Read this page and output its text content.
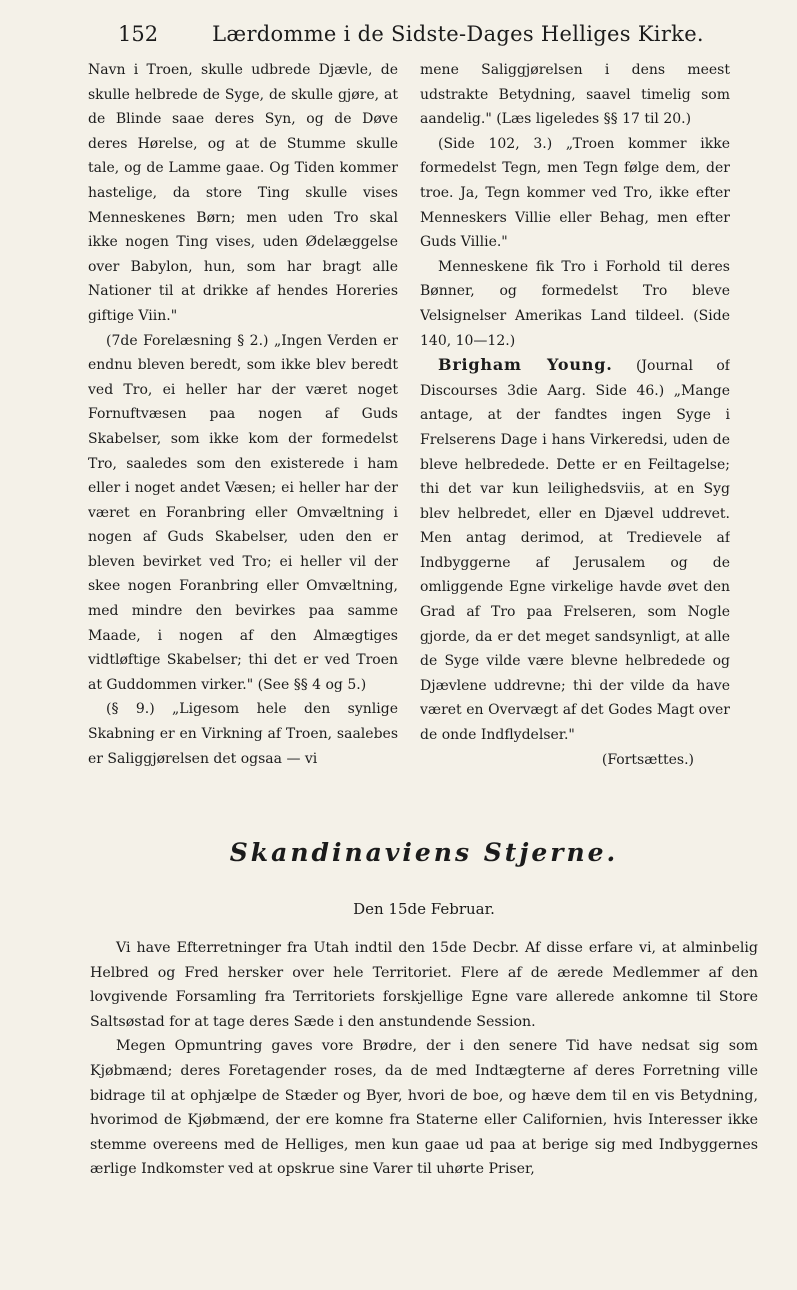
152	Lærdomme i de Sidste-Dages Helliges Kirke.

Navn i Troen, skulle udbrede Djævle, de skulle helbrede de Syge, de skulle gjøre, at de Blinde saae deres Syn, og de Døve deres Hørelse, og at de Stumme skulle tale, og de Lamme gaae. Og Tiden kommer hastelige, da store Ting skulle vises Menneskenes Børn; men uden Tro skal ikke nogen Ting vises, uden Ødelæggelse over Babylon, hun, som har bragt alle Nationer til at drikke af hendes Horeries giftige Viin."

(7de Forelæsning § 2.) „Ingen Verden er endnu bleven beredt, som ikke blev beredt ved Tro, ei heller har der været noget Fornuftvæsen paa nogen af Guds Skabelser, som ikke kom der formedelst Tro, saaledes som den existerede i ham eller i noget andet Væsen; ei heller har der været en Foranbring eller Omvæltning i nogen af Guds Skabelser, uden den er bleven bevirket ved Tro; ei heller vil der skee nogen Foranbring eller Omvæltning, med mindre den bevirkes paa samme Maade, i nogen af den Almægtiges vidtløftige Skabelser; thi det er ved Troen at Guddommen virker." (See §§ 4 og 5.)

(§ 9.) „Ligesom hele den synlige Skabning er en Virkning af Troen, saalebes er Saliggjørelsen det ogsaa — vi

mene Saliggjørelsen i dens meest udstrakte Betydning, saavel timelig som aandelig." (Læs ligeledes §§ 17 til 20.)

(Side 102, 3.) „Troen kommer ikke formedelst Tegn, men Tegn følge dem, der troe. Ja, Tegn kommer ved Tro, ikke efter Menneskers Villie eller Behag, men efter Guds Villie."

Menneskene fik Tro i Forhold til deres Bønner, og formedelst Tro bleve Velsignelser Amerikas Land tildeel. (Side 140, 10—12.)

Brigham Young. (Journal of Discourses 3die Aarg. Side 46.) „Mange antage, at der fandtes ingen Syge i Frelserens Dage i hans Virkeredsi, uden de bleve helbredede. Dette er en Feiltagelse; thi det var kun leilighedsviis, at en Syg blev helbredet, eller en Djævel uddrevet. Men antag derimod, at Tredievele af Indbyggerne af Jerusalem og de omliggende Egne virkelige havde øvet den Grad af Tro paa Frelseren, som Nogle gjorde, da er det meget sandsynligt, at alle de Syge vilde være blevne helbredede og Djævlene uddrevne; thi der vilde da have været en Overvægt af det Godes Magt over de onde Indflydelser."

(Fortsættes.)

Skandinaviens Stjerne.
Den 15de Februar.

Vi have Efterretninger fra Utah indtil den 15de Decbr. Af disse erfare vi, at alminbelig Helbred og Fred hersker over hele Territoriet. Flere af de ærede Medlemmer af den lovgivende Forsamling fra Territoriets forskjellige Egne vare allerede ankomne til Store Saltsøstad for at tage deres Sæde i den anstundende Session.

Megen Opmuntring gaves vore Brødre, der i den senere Tid have nedsat sig som Kjøbmænd; deres Foretagender roses, da de med Indtægterne af deres Forretning ville bidrage til at ophjælpe de Stæder og Byer, hvori de boe, og hæve dem til en vis Betydning, hvorimod de Kjøbmænd, der ere komne fra Staterne eller Californien, hvis Interesser ikke stemme overeens med de Helliges, men kun gaae ud paa at berige sig med Indbyggernes ærlige Indkomster ved at opskrue sine Varer til uhørte Priser,
